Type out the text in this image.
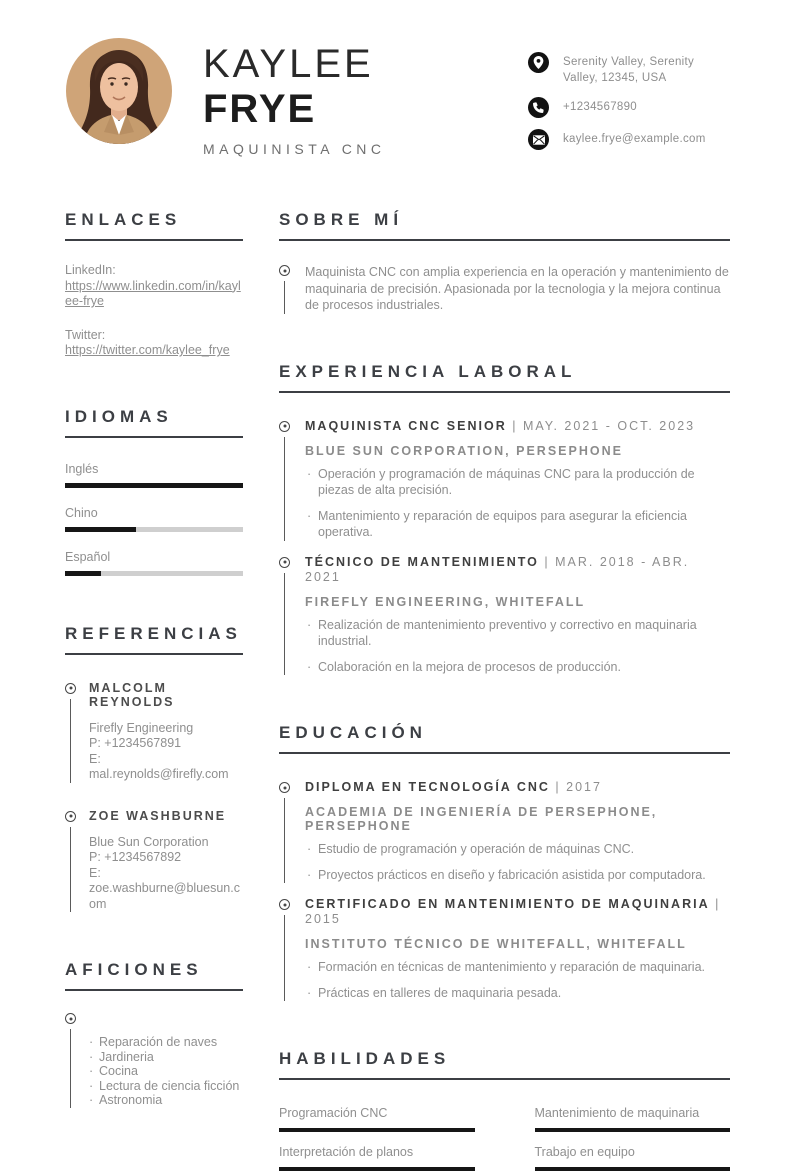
KAYLEE
FRYE
MAQUINISTA CNC
Serenity Valley, Serenity Valley, 12345, USA
+1234567890
kaylee.frye@example.com
ENLACES
LinkedIn:
https://www.linkedin.com/in/kaylee-frye
Twitter:
https://twitter.com/kaylee_frye
IDIOMAS
Inglés
Chino
Español
REFERENCIAS
MALCOLM REYNOLDS
Firefly Engineering
P: +1234567891
E: mal.reynolds@firefly.com
ZOE WASHBURNE
Blue Sun Corporation
P: +1234567892
E: zoe.washburne@bluesun.com
AFICIONES
· Reparación de naves
· Jardineria
· Cocina
· Lectura de ciencia ficción
· Astronomia
SOBRE MÍ

Maquinista CNC con amplia experiencia en la operación y mantenimiento de maquinaria de precisión. Apasionada por la tecnologia y la mejora continua de procesos industriales.

EXPERIENCIA LABORAL
MAQUINISTA CNC SENIOR | MAY. 2021 - OCT. 2023
BLUE SUN CORPORATION, PERSEPHONE
· Operación y programación de máquinas CNC para la producción de piezas de alta precisión.
· Mantenimiento y reparación de equipos para asegurar la eficiencia operativa.
TÉCNICO DE MANTENIMIENTO | MAR. 2018 - ABR. 2021
FIREFLY ENGINEERING, WHITEFALL
· Realización de mantenimiento preventivo y correctivo en maquinaria industrial.
· Colaboración en la mejora de procesos de producción.
EDUCACIÓN
DIPLOMA EN TECNOLOGÍA CNC | 2017
ACADEMIA DE INGENIERÍA DE PERSEPHONE, PERSEPHONE
· Estudio de programación y operación de máquinas CNC.
· Proyectos prácticos en diseño y fabricación asistida por computadora.
CERTIFICADO EN MANTENIMIENTO DE MAQUINARIA | 2015
INSTITUTO TÉCNICO DE WHITEFALL, WHITEFALL
· Formación en técnicas de mantenimiento y reparación de maquinaria.
· Prácticas en talleres de maquinaria pesada.
HABILIDADES
Programación CNC	Mantenimiento de maquinaria
Interpretación de planos	Trabajo en equipo
